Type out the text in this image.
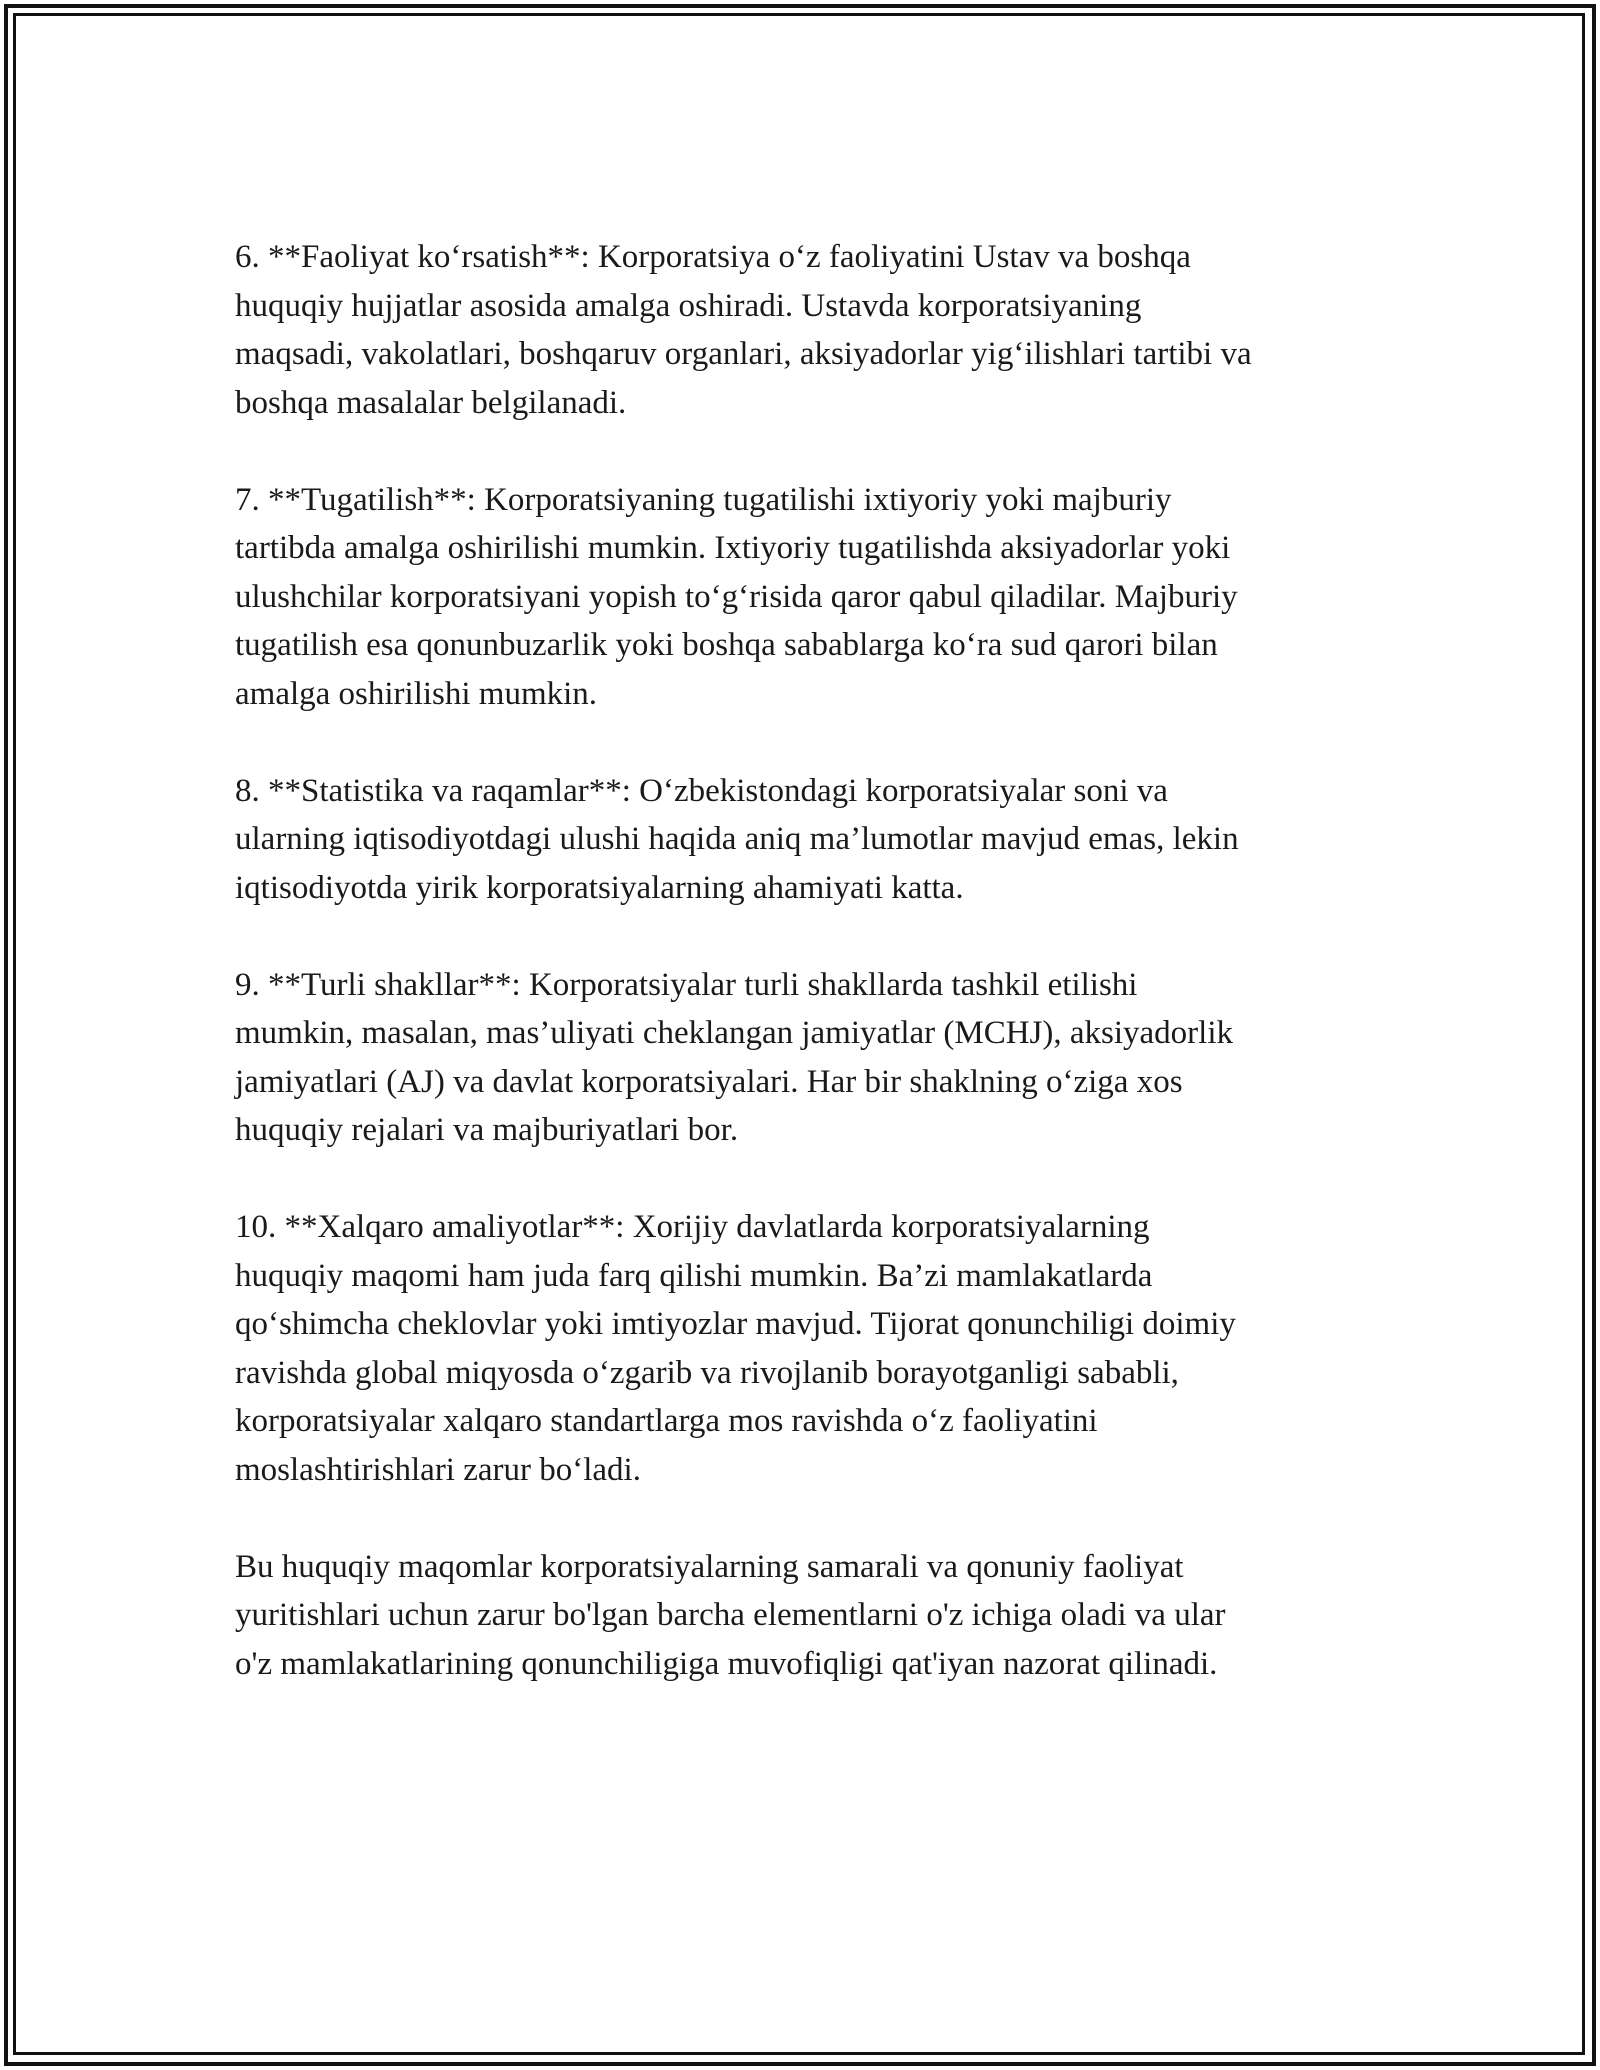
6. **Faoliyat ko‘rsatish**: Korporatsiya o‘z faoliyatini Ustav va boshqa
huquqiy hujjatlar asosida amalga oshiradi. Ustavda korporatsiyaning
maqsadi, vakolatlari, boshqaruv organlari, aksiyadorlar yig‘ilishlari tartibi va
boshqa masalalar belgilanadi.

7. **Tugatilish**: Korporatsiyaning tugatilishi ixtiyoriy yoki majburiy
tartibda amalga oshirilishi mumkin. Ixtiyoriy tugatilishda aksiyadorlar yoki
ulushchilar korporatsiyani yopish to‘g‘risida qaror qabul qiladilar. Majburiy
tugatilish esa qonunbuzarlik yoki boshqa sabablarga ko‘ra sud qarori bilan
amalga oshirilishi mumkin.

8. **Statistika va raqamlar**: O‘zbekistondagi korporatsiyalar soni va
ularning iqtisodiyotdagi ulushi haqida aniq ma’lumotlar mavjud emas, lekin
iqtisodiyotda yirik korporatsiyalarning ahamiyati katta.

9. **Turli shakllar**: Korporatsiyalar turli shakllarda tashkil etilishi
mumkin, masalan, mas’uliyati cheklangan jamiyatlar (MCHJ), aksiyadorlik
jamiyatlari (AJ) va davlat korporatsiyalari. Har bir shaklning o‘ziga xos
huquqiy rejalari va majburiyatlari bor.

10. **Xalqaro amaliyotlar**: Xorijiy davlatlarda korporatsiyalarning
huquqiy maqomi ham juda farq qilishi mumkin. Ba’zi mamlakatlarda
qo‘shimcha cheklovlar yoki imtiyozlar mavjud. Tijorat qonunchiligi doimiy
ravishda global miqyosda o‘zgarib va rivojlanib borayotganligi sababli,
korporatsiyalar xalqaro standartlarga mos ravishda o‘z faoliyatini
moslashtirishlari zarur bo‘ladi.

Bu huquqiy maqomlar korporatsiyalarning samarali va qonuniy faoliyat
yuritishlari uchun zarur bo'lgan barcha elementlarni o'z ichiga oladi va ular
o'z mamlakatlarining qonunchiligiga muvofiqligi qat'iyan nazorat qilinadi.
